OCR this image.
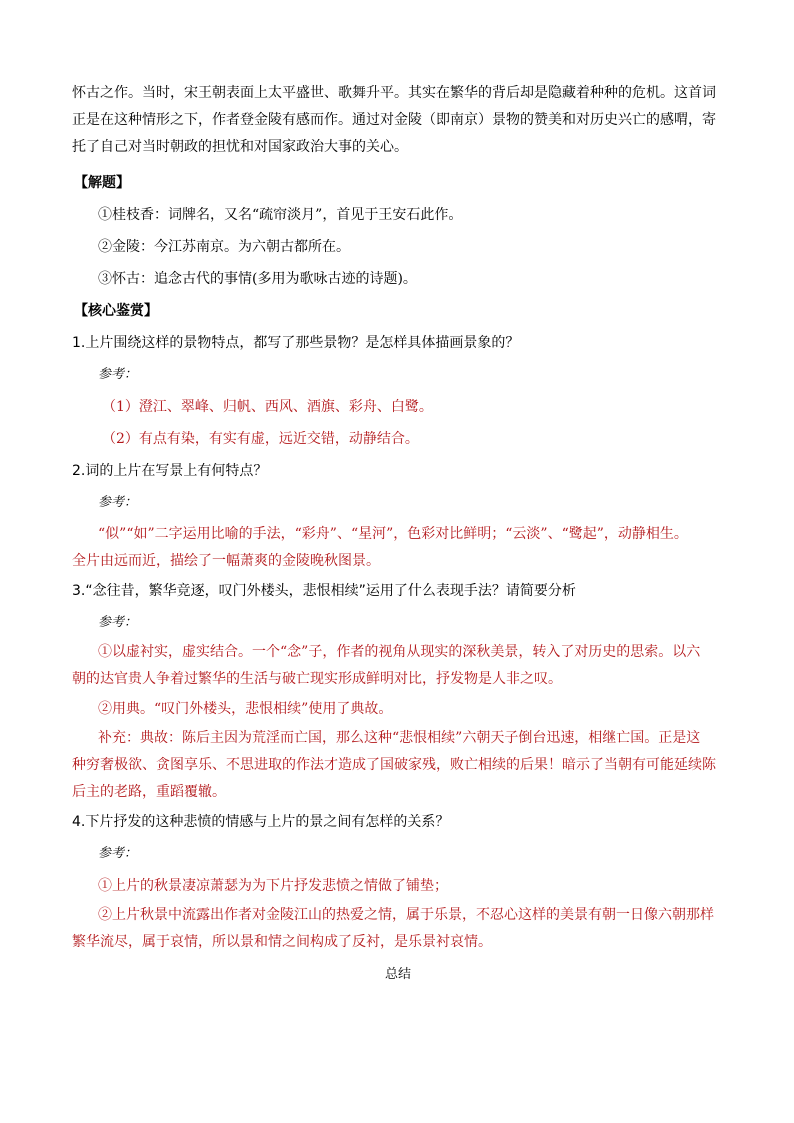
怀古之作。当时，宋王朝表面上太平盛世、歌舞升平。其实在繁华的背后却是隐藏着种种的危机。这首词

正是在这种情形之下，作者登金陵有感而作。通过对金陵（即南京）景物的赞美和对历史兴亡的感喟，寄

托了自己对当时朝政的担忧和对国家政治大事的关心。

【解题】

①桂枝香：词牌名，又名“疏帘淡月”，首见于王安石此作。

②金陵：今江苏南京。为六朝古都所在。

③怀古：追念古代的事情(多用为歌咏古迹的诗题)。

【核心鉴赏】

1.上片围绕这样的景物特点，都写了那些景物？是怎样具体描画景象的？

参考：

（1）澄江、翠峰、归帆、西风、酒旗、彩舟、白鹭。

（2）有点有染，有实有虚，远近交错，动静结合。

2.词的上片在写景上有何特点？

参考：

“似”“如”二字运用比喻的手法，“彩舟”、“星河”，色彩对比鲜明；“云淡”、“鹭起”，动静相生。

全片由远而近，描绘了一幅萧爽的金陵晚秋图景。

3.“念往昔，繁华竞逐，叹门外楼头，悲恨相续”运用了什么表现手法？请简要分析

参考：

①以虚衬实，虚实结合。一个“念”子，作者的视角从现实的深秋美景，转入了对历史的思索。以六

朝的达官贵人争着过繁华的生活与破亡现实形成鲜明对比，抒发物是人非之叹。

②用典。“叹门外楼头，悲恨相续”使用了典故。

补充：典故：陈后主因为荒淫而亡国，那么这种“悲恨相续”六朝天子倒台迅速，相继亡国。正是这

种穷奢极欲、贪图享乐、不思进取的作法才造成了国破家残，败亡相续的后果！暗示了当朝有可能延续陈

后主的老路，重蹈覆辙。

4.下片抒发的这种悲愤的情感与上片的景之间有怎样的关系？

参考：

①上片的秋景凄凉萧瑟为为下片抒发悲愤之情做了铺垫；

②上片秋景中流露出作者对金陵江山的热爱之情，属于乐景，不忍心这样的美景有朝一日像六朝那样

繁华流尽，属于哀情，所以景和情之间构成了反衬，是乐景衬哀情。

总结
